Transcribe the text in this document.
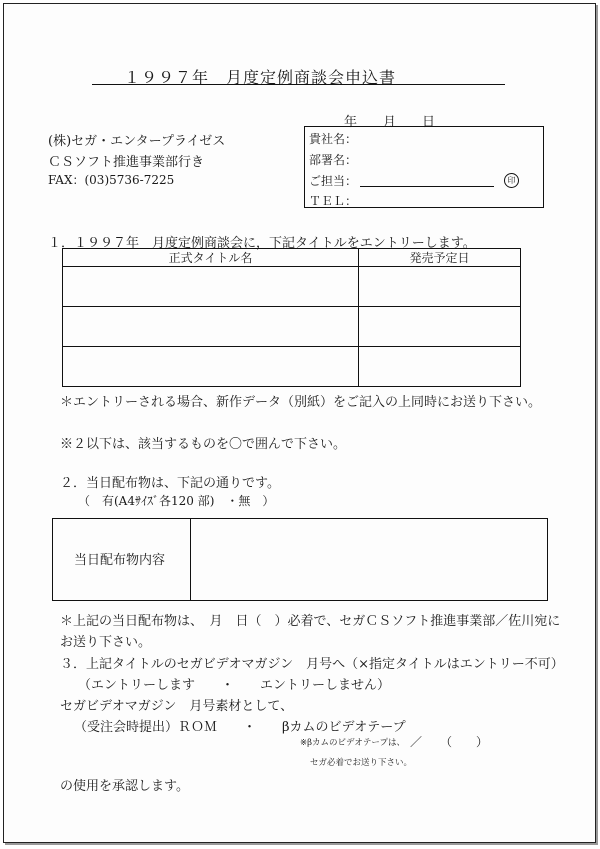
１９９７年　月度定例商談会申込書
年　　月　　日
(株)セガ・エンタープライゼス
ＣＳソフト推進事業部行き
FAX：(03)5736-7225
貴社名：
部署名：
ご担当：	印
ＴＥＬ：
１．１９９７年　月度定例商談会に，下記タイトルをエントリーします。
正式タイトル名	発売予定日

＊エントリーされる場合、新作データ（別紙）をご記入の上同時にお送り下さい。
※２以下は、該当するものを〇で囲んで下さい。
２．当日配布物は、下記の通りです。
（　有(A4ｻｲｽﾞ各120 部)　・無　）
当日配布物内容
＊上記の当日配布物は、　月　日（　）必着で、セガＣＳソフト推進事業部／佐川宛に
お送り下さい。
３．上記タイトルのセガビデオマガジン　月号へ（×指定タイトルはエントリー不可）
（エントリーします　　・　　エントリーしません）
セガビデオマガジン　月号素材として、
（受注会時提出）ＲＯＭ　　・　　βカムのビデオテープ
※βカムのビデオテープは、 ／　　（　　）
セガ必着でお送り下さい。
の使用を承認します。
